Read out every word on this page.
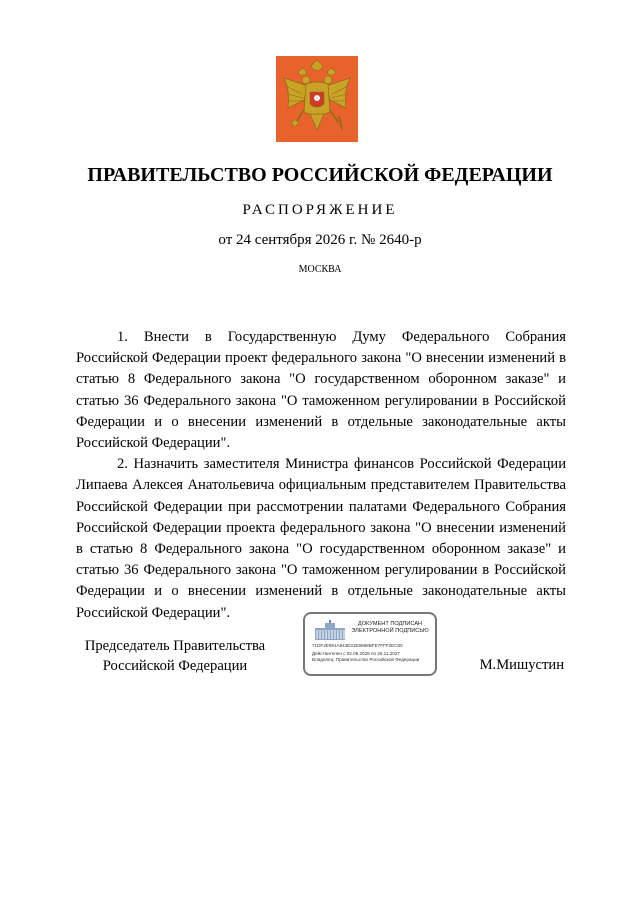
ПРАВИТЕЛЬСТВО РОССИЙСКОЙ ФЕДЕРАЦИИ
РАСПОРЯЖЕНИЕ
от 24 сентября 2026 г. № 2640-р
МОСКВА

1. Внести в Государственную Думу Федерального Собрания Российской Федерации проект федерального закона "О внесении изменений в статью 8 Федерального закона "О государственном оборонном заказе" и статью 36 Федерального закона "О таможенном регулировании в Российской Федерации и о внесении изменений в отдельные законодательные акты Российской Федерации".

2. Назначить заместителя Министра финансов Российской Федерации Липаева Алексея Анатольевича официальным представителем Правительства Российской Федерации при рассмотрении палатами Федерального Собрания Российской Федерации проекта федерального закона "О внесении изменений в статью 8 Федерального закона "О государственном оборонном заказе" и статью 36 Федерального закона "О таможенном регулировании в Российской Федерации и о внесении изменений в отдельные законодательные акты Российской Федерации".

Председатель Правительства
Российской Федерации
ДОКУМЕНТ ПОДПИСАН
ЭЛЕКТРОННОЙ ПОДПИСЬЮ
71DF2E991A844E31E6988BFE7FFF2EC80
Действителен с 02.09.2026 по 26.11.2027
Владелец: Правительство Российской Федерации	М.Мишустин
